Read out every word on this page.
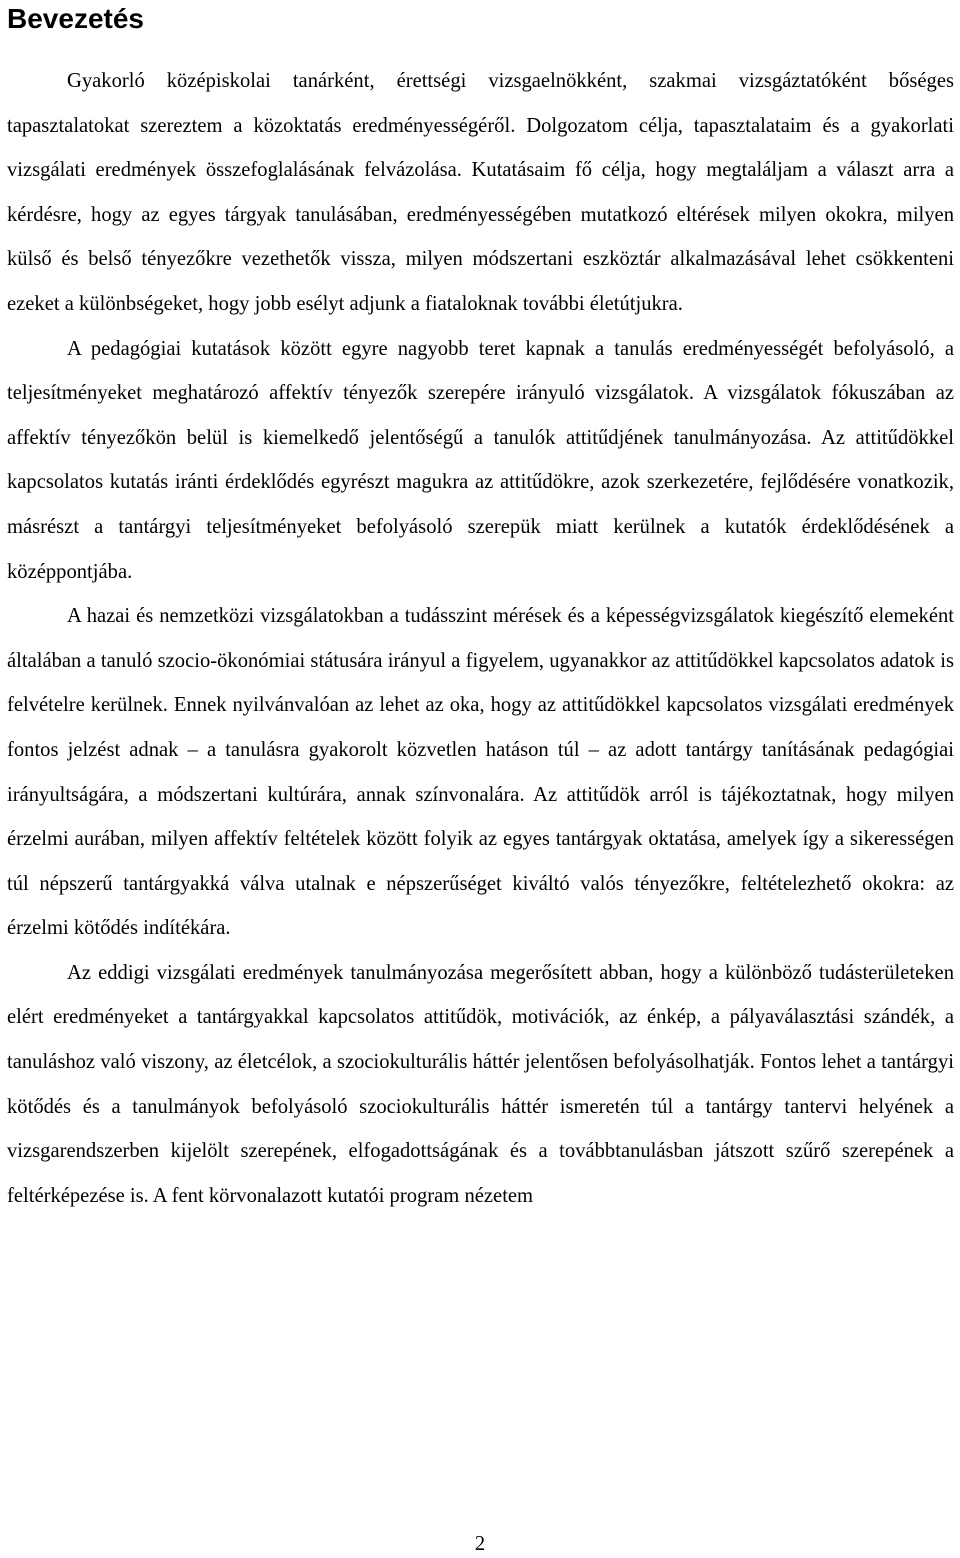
Bevezetés

Gyakorló középiskolai tanárként, érettségi vizsgaelnökként, szakmai vizsgáztatóként bőséges tapasztalatokat szereztem a közoktatás eredményességéről. Dolgozatom célja, tapasztalataim és a gyakorlati vizsgálati eredmények összefoglalásának felvázolása. Kutatásaim fő célja, hogy megtaláljam a választ arra a kérdésre, hogy az egyes tárgyak tanulásában, eredményességében mutatkozó eltérések milyen okokra, milyen külső és belső tényezőkre vezethetők vissza, milyen módszertani eszköztár alkalmazásával lehet csökkenteni ezeket a különbségeket, hogy jobb esélyt adjunk a fiataloknak további életútjukra.

A pedagógiai kutatások között egyre nagyobb teret kapnak a tanulás eredményességét befolyásoló, a teljesítményeket meghatározó affektív tényezők szerepére irányuló vizsgálatok. A vizsgálatok fókuszában az affektív tényezőkön belül is kiemelkedő jelentőségű a tanulók attitűdjének tanulmányozása. Az attitűdökkel kapcsolatos kutatás iránti érdeklődés egyrészt magukra az attitűdökre, azok szerkezetére, fejlődésére vonatkozik, másrészt a tantárgyi teljesítményeket befolyásoló szerepük miatt kerülnek a kutatók érdeklődésének a középpontjába.

A hazai és nemzetközi vizsgálatokban a tudásszint mérések és a képességvizsgálatok kiegészítő elemeként általában a tanuló szocio-ökonómiai státusára irányul a figyelem, ugyanakkor az attitűdökkel kapcsolatos adatok is felvételre kerülnek. Ennek nyilvánvalóan az lehet az oka, hogy az attitűdökkel kapcsolatos vizsgálati eredmények fontos jelzést adnak – a tanulásra gyakorolt közvetlen hatáson túl – az adott tantárgy tanításának pedagógiai irányultságára, a módszertani kultúrára, annak színvonalára. Az attitűdök arról is tájékoztatnak, hogy milyen érzelmi aurában, milyen affektív feltételek között folyik az egyes tantárgyak oktatása, amelyek így a sikerességen túl népszerű tantárgyakká válva utalnak e népszerűséget kiváltó valós tényezőkre, feltételezhető okokra: az érzelmi kötődés indítékára.

Az eddigi vizsgálati eredmények tanulmányozása megerősített abban, hogy a különböző tudásterületeken elért eredményeket a tantárgyakkal kapcsolatos attitűdök, motivációk, az énkép, a pályaválasztási szándék, a tanuláshoz való viszony, az életcélok, a szociokulturális háttér jelentősen befolyásolhatják. Fontos lehet a tantárgyi kötődés és a tanulmányok befolyásoló szociokulturális háttér ismeretén túl a tantárgy tantervi helyének a vizsgarendszerben kijelölt szerepének, elfogadottságának és a továbbtanulásban játszott szűrő szerepének a feltérképezése is. A fent körvonalazott kutatói program nézetem

2
